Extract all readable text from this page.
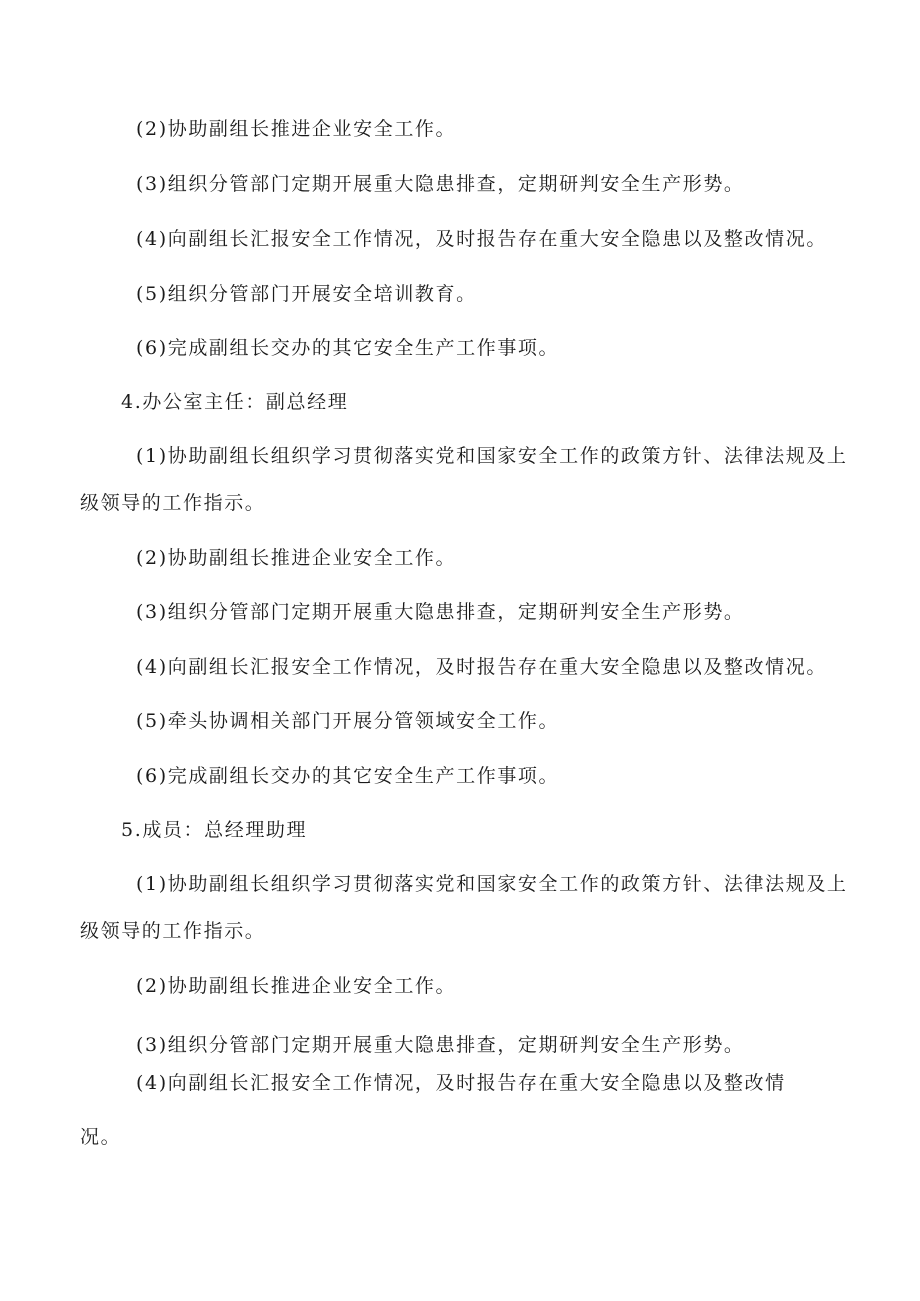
(2)协助副组长推进企业安全工作。
(3)组织分管部门定期开展重大隐患排查，定期研判安全生产形势。
(4)向副组长汇报安全工作情况，及时报告存在重大安全隐患以及整改情况。
(5)组织分管部门开展安全培训教育。
(6)完成副组长交办的其它安全生产工作事项。
4.办公室主任：副总经理
(1)协助副组长组织学习贯彻落实党和国家安全工作的政策方针、法律法规及上
级领导的工作指示。
(2)协助副组长推进企业安全工作。
(3)组织分管部门定期开展重大隐患排查，定期研判安全生产形势。
(4)向副组长汇报安全工作情况，及时报告存在重大安全隐患以及整改情况。
(5)牵头协调相关部门开展分管领域安全工作。
(6)完成副组长交办的其它安全生产工作事项。
5.成员：总经理助理
(1)协助副组长组织学习贯彻落实党和国家安全工作的政策方针、法律法规及上
级领导的工作指示。
(2)协助副组长推进企业安全工作。
(3)组织分管部门定期开展重大隐患排查，定期研判安全生产形势。
(4)向副组长汇报安全工作情况，及时报告存在重大安全隐患以及整改情
况。
